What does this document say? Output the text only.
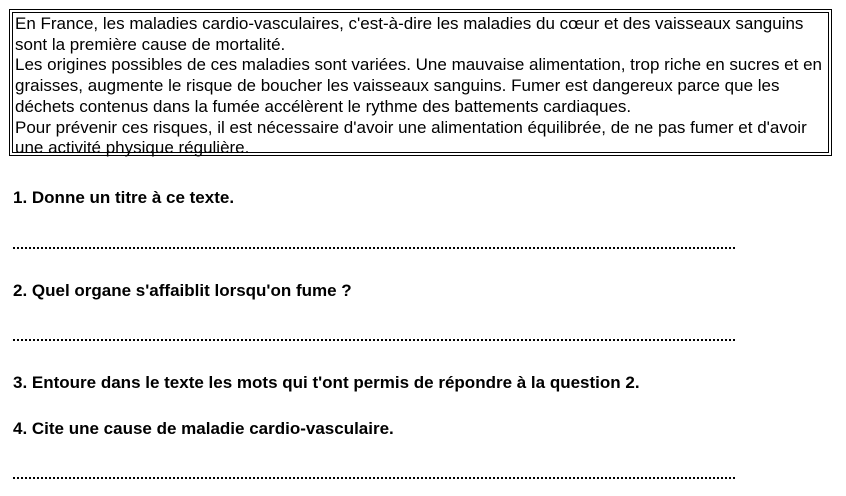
En France, les maladies cardio-vasculaires, c'est-à-dire les maladies du cœur et des vaisseaux sanguins sont la première cause de mortalité.

Les origines possibles de ces maladies sont variées. Une mauvaise alimentation, trop riche en sucres et en graisses, augmente le risque de boucher les vaisseaux sanguins. Fumer est dangereux parce que les déchets contenus dans la fumée accélèrent le rythme des battements cardiaques.

Pour prévenir ces risques, il est nécessaire d'avoir une alimentation équilibrée, de ne pas fumer et d'avoir une activité physique régulière.

1. Donne un titre à ce texte.

2. Quel organe s'affaiblit lorsqu'on fume ?

3. Entoure dans le texte les mots qui t'ont permis de répondre à la question 2.

4. Cite une cause de maladie cardio-vasculaire.
